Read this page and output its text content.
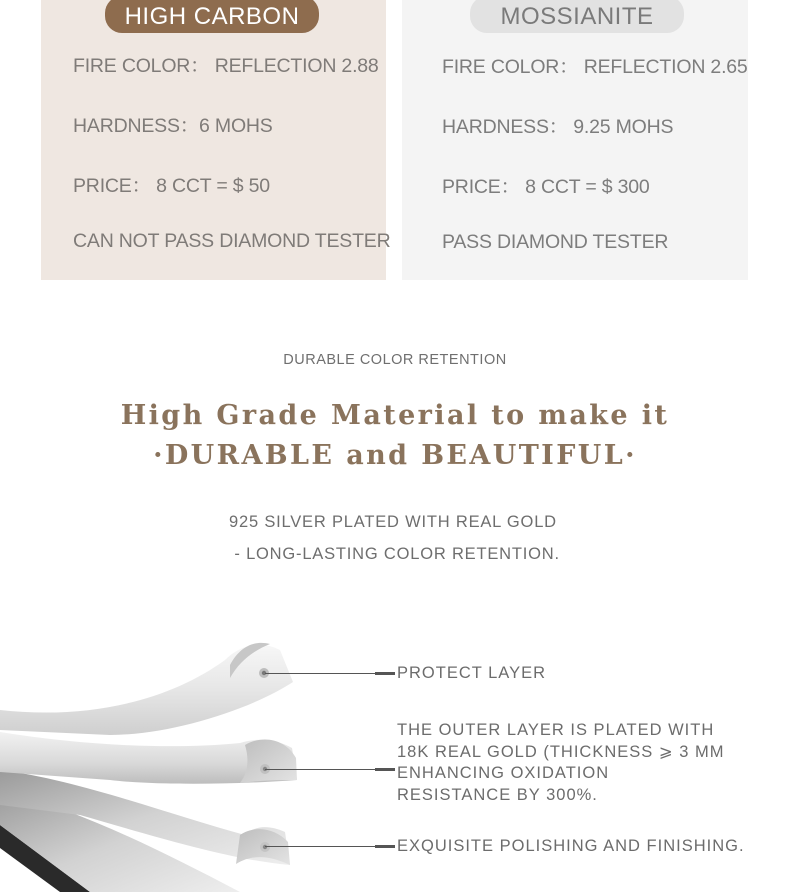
HIGH CARBON
FIRE COLOR： REFLECTION 2.88
HARDNESS：6 MOHS
PRICE： 8 CCT = $ 50
CAN NOT PASS DIAMOND TESTER
MOSSIANITE
FIRE COLOR： REFLECTION 2.65
HARDNESS： 9.25 MOHS
PRICE： 8 CCT = $ 300
PASS DIAMOND TESTER
DURABLE COLOR RETENTION
High Grade Material to make it
·DURABLE and BEAUTIFUL·
925 SILVER PLATED WITH REAL GOLD
- LONG-LASTING COLOR RETENTION.
PROTECT LAYER
THE OUTER LAYER IS PLATED WITH
18K REAL GOLD (THICKNESS ⩾ 3 MM
ENHANCING OXIDATION
RESISTANCE BY 300%.
EXQUISITE POLISHING AND FINISHING.
